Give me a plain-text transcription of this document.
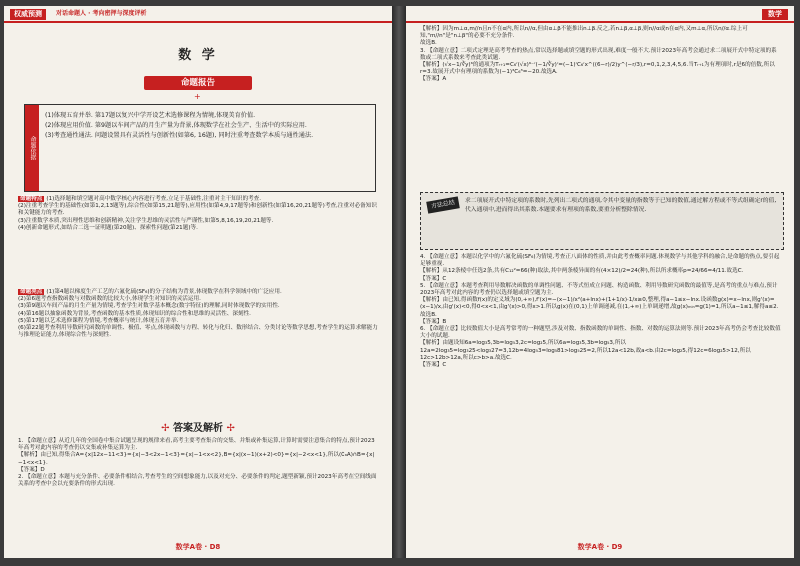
权威预测	对话命题人 · 考向密押与深度评析
数 学
命题报告
+
命题依据
(1)体现五育并举. 第17题以复兴中学开设艺术选修课程为情境,体现美育价值.
(2)体现应用价值. 第9题以车间产品的月生产量为背景,体现数学在社会生产、生活中的实际应用.
(3)考查通性通法. 问题设置具有灵活性与创新性(如第6, 16题), 同时注重考查数学本质与通性通法.
命题特点 (1)选择题和填空题对高中数学核心内容进行考查,立足于基础性,注重对主干知识的考查.
(2)注重考查学生的基础性(如第1,2,13题等),综合性(如第15,21题等),应用性(如第4,9,17题等)和创新性(如第16,20,21题等)考查,注重对必备知识和关键能力的考查.
(3)注重数学本质,突出理性思维和创新精神,关注学生思维的灵活性与严谨性,如第5,8,16,19,20,21题等.
(4)创新命题形式,如结合二选一证明题(第20题)、探索性问题(第21题)等.
命题亮点 (1)第4题以梯度生产工艺的六氟化硫(SF₆)的分子结构为背景,体现数学在科学领域中的广泛应用.
(2)第6题考查指数函数与对数函数的比较大小,体现学生对知识的灵活运用.
(3)第9题以车间产品的月生产量为情境,考查学生对数学基本概念(数字特征)的理解,同时体现数学的实用性.
(4)第16题以抽象函数为背景,考查函数的基本性质,体现知识的综合性和思维的灵活性、深刻性.
(5)第17题以艺术选修课程为情境,考查概率与统计,体现五育并举.
(6)第22题考查利用导数研究函数的单调性、极值、零点,体现函数与方程、转化与化归、数形结合、分类讨论等数学思想,考查学生的运算求解能力与推理论证能力,体现综合性与深刻性.
✢ 答案及解析 ✢
1. 【命题立意】从近几年的全国卷中集合试题呈现的规律来看,高考主要考查集合的交集、并集或补集运算,计算时需要注意集合的特点,预计2023年高考对此内容的考查仍以交集或补集运算为主.
【解析】由已知,得集合A={x|12x−11<3}={x|−3<2x−1<3}={x|−1<x<2},B={x|(x−1)(x+2)<0}={x|−2<x<1},所以(∁ₐA)∩B={x|−1<x<1}.
【答案】D
2. 【命题立意】本题与充分条件、必要条件相结合,考查考生的空间想象能力,以及对充分、必要条件的判定,题型新颖,预计2023年高考在空间线面关系的考查中会以充要条件的形式出现.
数学A卷 · D8
数学
【解析】因为m⊥α,m//n且n不在α内,所以n//α,但由α⊥β不能推出n⊥β.反之,若n⊥β,α⊥β,则n//α或n在α内,又m⊥α,所以n//α.综上可知,"m//n"是"n⊥β"的必要不充分条件.
故选B.
3. 【命题立意】二项式定理是高考考查的热点,常以选择题或填空题的形式出现,难度一般不大.预计2023年高考会通过求二项展开式中特定项的系数或二项式系数来考查此类试题.
【解析】(√x−1/∛y)⁶的通项为Tᵣ₊₁=C₆ʳ(√x)⁶⁻ʳ(−1/∛y)ʳ=(−1)ʳC₆ʳx^((6−r)/2)y^(−r/3),r=0,1,2,3,4,5,6.当Tᵣ₊₁为有理项时,r是6的倍数,所以r=3.故展开式中有理项的系数为(−1)³C₆³=−20.故选A.
【答案】A
方法总结	求二项展开式中特定项的系数时,先列出二项式的通项,令其中变量的指数等于已知的数值,通过解方程或不等式组确定r的值,代入通项中,进而得出其系数.本题要求有理项的系数,要重分析整除情况.
4. 【命题立意】本题以化学中的六氟化硫(SF₆)为情境,考查正八面体的性质,并由此考查概率问题.体现数学与其他学科的融合,是命题的热点,要引起足够重视.
【解析】从12条棱中任选2条,共有C₁₂²=66(种)取法,其中两条棱异面的有(4×12)/2=24(种),所以所求概率p=24/66=4/11.故选C.
【答案】C
5. 【命题立意】本题考查利用导数解决函数的单调性问题、不等式恒成立问题、构造函数、利用导数研究函数的最值等,是高考的重点与难点,预计2023年高考对此内容的考查仍以选择题或填空题为主.
【解析】由已知,得函数f(x)的定义域为(0,+∞),f'(x)=−(x−1)/x²(a+lnx)+(1+1/x)·1/x≥0,整理,得a−1≤x−lnx.设函数g(x)=x−lnx,则g'(x)=(x−1)/x,由g'(x)<0,得0<x<1,由g'(x)>0,得x>1.所以g(x)在(0,1)上单调递减,在(1,+∞)上单调递增,故g(x)ₘᵢₙ=g(1)=1,所以a−1≤1,解得a≤2.故选B.
【答案】B
6. 【命题立意】比较数值大小是高考常考的一种题型,涉及对数、指数函数的单调性、指数、对数的运算法则等.预计2023年高考仍会考查比较数值大小的试题.
【解析】由题设知6a=log₃5,3b=log₅3,2c=log₂5,所以6a=log₃5,3b=log₅3,所以12a=2log₃5=log₃25<log₃27=3,12b=4log₅3=log₅81>log₅25=2,所以12a<12b,故a<b.由2c=log₂5,得12c=6log₂5>12,所以12c>12b>12a,所以c>b>a.故选C.
【答案】C
数学A卷 · D9
